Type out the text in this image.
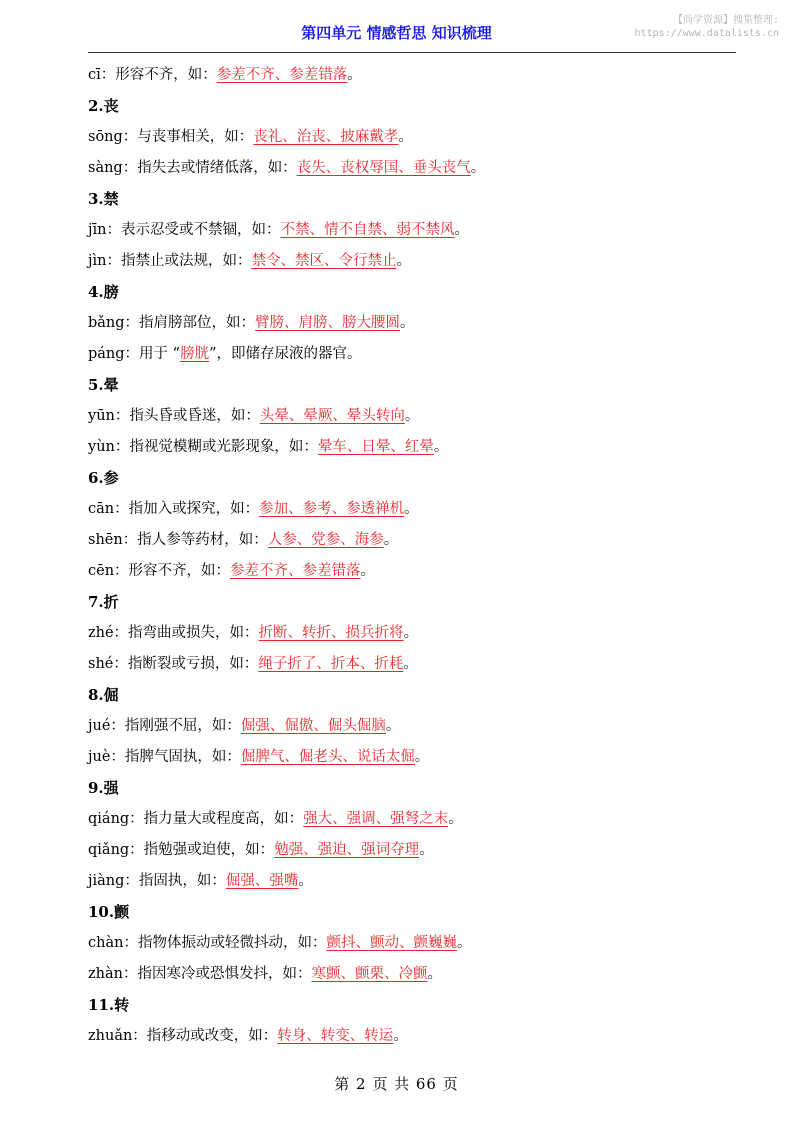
第四单元 情感哲思 知识梳理
【尚学资源】搜集整理:
https://www.datalists.cn
cī：形容不齐，如：参差不齐、参差错落。
2.丧
sōng：与丧事相关，如：丧礼、治丧、披麻戴孝。
sàng：指失去或情绪低落，如：丧失、丧权辱国、垂头丧气。
3.禁
jīn：表示忍受或不禁锢，如：不禁、情不自禁、弱不禁风。
jìn：指禁止或法规，如：禁令、禁区、令行禁止。
4.膀
bǎng：指肩膀部位，如：臂膀、肩膀、膀大腰圆。
páng：用于 “膀胱”，即储存尿液的器官。
5.晕
yūn：指头昏或昏迷，如：头晕、晕厥、晕头转向。
yùn：指视觉模糊或光影现象，如：晕车、日晕、红晕。
6.参
cān：指加入或探究，如：参加、参考、参透禅机。
shēn：指人参等药材，如：人参、党参、海参。
cēn：形容不齐，如：参差不齐、参差错落。
7.折
zhé：指弯曲或损失，如：折断、转折、损兵折将。
shé：指断裂或亏损，如：绳子折了、折本、折耗。
8.倔
jué：指刚强不屈，如：倔强、倔傲、倔头倔脑。
juè：指脾气固执，如：倔脾气、倔老头、说话太倔。
9.强
qiáng：指力量大或程度高，如：强大、强调、强弩之末。
qiǎng：指勉强或迫使，如：勉强、强迫、强词夺理。
jiàng：指固执，如：倔强、强嘴。
10.颤
chàn：指物体振动或轻微抖动，如：颤抖、颤动、颤巍巍。
zhàn：指因寒冷或恐惧发抖，如：寒颤、颤栗、冷颤。
11.转
zhuǎn：指移动或改变，如：转身、转变、转运。
第 2 页 共 66 页
